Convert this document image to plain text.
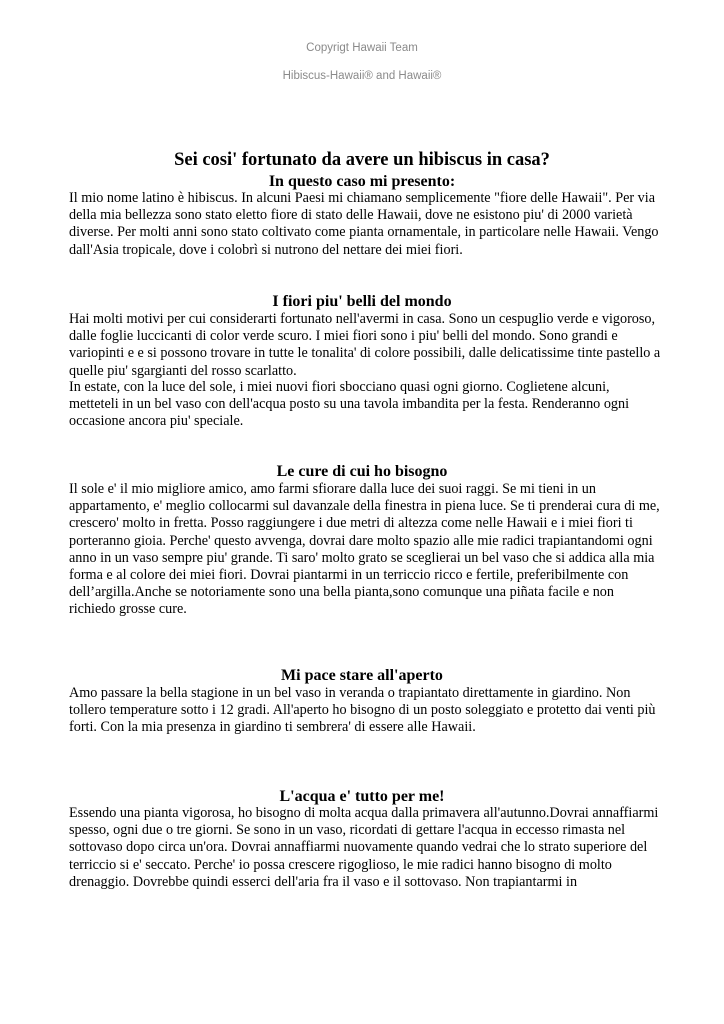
Copyrigt Hawaii Team
Hibiscus-Hawaii® and Hawaii®
Sei cosi' fortunato da avere un hibiscus in casa?
In questo caso mi presento:
Il mio nome latino è hibiscus. In alcuni Paesi mi chiamano semplicemente "fiore delle Hawaii". Per via della mia bellezza sono stato eletto fiore di stato delle Hawaii, dove ne esistono piu' di 2000 varietà diverse. Per molti anni sono stato coltivato come pianta ornamentale, in particolare nelle Hawaii. Vengo dall'Asia tropicale, dove i colobrì si nutrono del nettare dei miei fiori.
I fiori piu' belli del mondo
Hai molti motivi per cui considerarti fortunato nell'avermi in casa. Sono un cespuglio verde e vigoroso, dalle foglie luccicanti di color verde scuro. I miei fiori sono i piu' belli del mondo. Sono grandi e variopinti e e si possono trovare in tutte le tonalita' di colore possibili, dalle delicatissime tinte pastello a quelle piu' sgargianti del rosso scarlatto.
In estate, con la luce del sole, i miei nuovi fiori sbocciano quasi ogni giorno. Coglietene alcuni, metteteli in un bel vaso con dell'acqua posto su una tavola imbandita per la festa. Renderanno ogni occasione ancora piu' speciale.
Le cure di cui ho bisogno
Il sole e' il mio migliore amico, amo farmi sfiorare dalla luce dei suoi raggi. Se mi tieni in un appartamento, e' meglio collocarmi sul davanzale della finestra in piena luce. Se ti prenderai cura di me, crescero' molto in fretta. Posso raggiungere i due metri di altezza come nelle Hawaii e i miei fiori ti porteranno gioia. Perche' questo avvenga, dovrai dare molto spazio alle mie radici trapiantandomi ogni anno in un vaso sempre piu' grande. Ti saro' molto grato se sceglierai un bel vaso che si addica alla mia forma e al colore dei miei fiori. Dovrai piantarmi in un terriccio ricco e fertile, preferibilmente con dell’argilla.Anche se notoriamente sono una bella pianta,sono comunque una piñata facile e non richiedo grosse cure.
Mi pace stare all'aperto
Amo passare la bella stagione in un bel vaso in veranda o trapiantato direttamente in giardino. Non tollero temperature sotto i 12 gradi. All'aperto ho bisogno di un posto soleggiato e protetto dai venti più forti. Con la mia presenza in giardino ti sembrera' di essere alle Hawaii.
L'acqua e' tutto per me!
Essendo una pianta vigorosa, ho bisogno di molta acqua dalla primavera all'autunno.Dovrai annaffiarmi spesso, ogni due o tre giorni. Se sono in un vaso, ricordati di gettare l'acqua in eccesso rimasta nel sottovaso dopo circa un'ora. Dovrai annaffiarmi nuovamente quando vedrai che lo strato superiore del terriccio si e' seccato. Perche' io possa crescere rigoglioso, le mie radici hanno bisogno di molto drenaggio. Dovrebbe quindi esserci dell'aria fra il vaso e il sottovaso. Non trapiantarmi in
